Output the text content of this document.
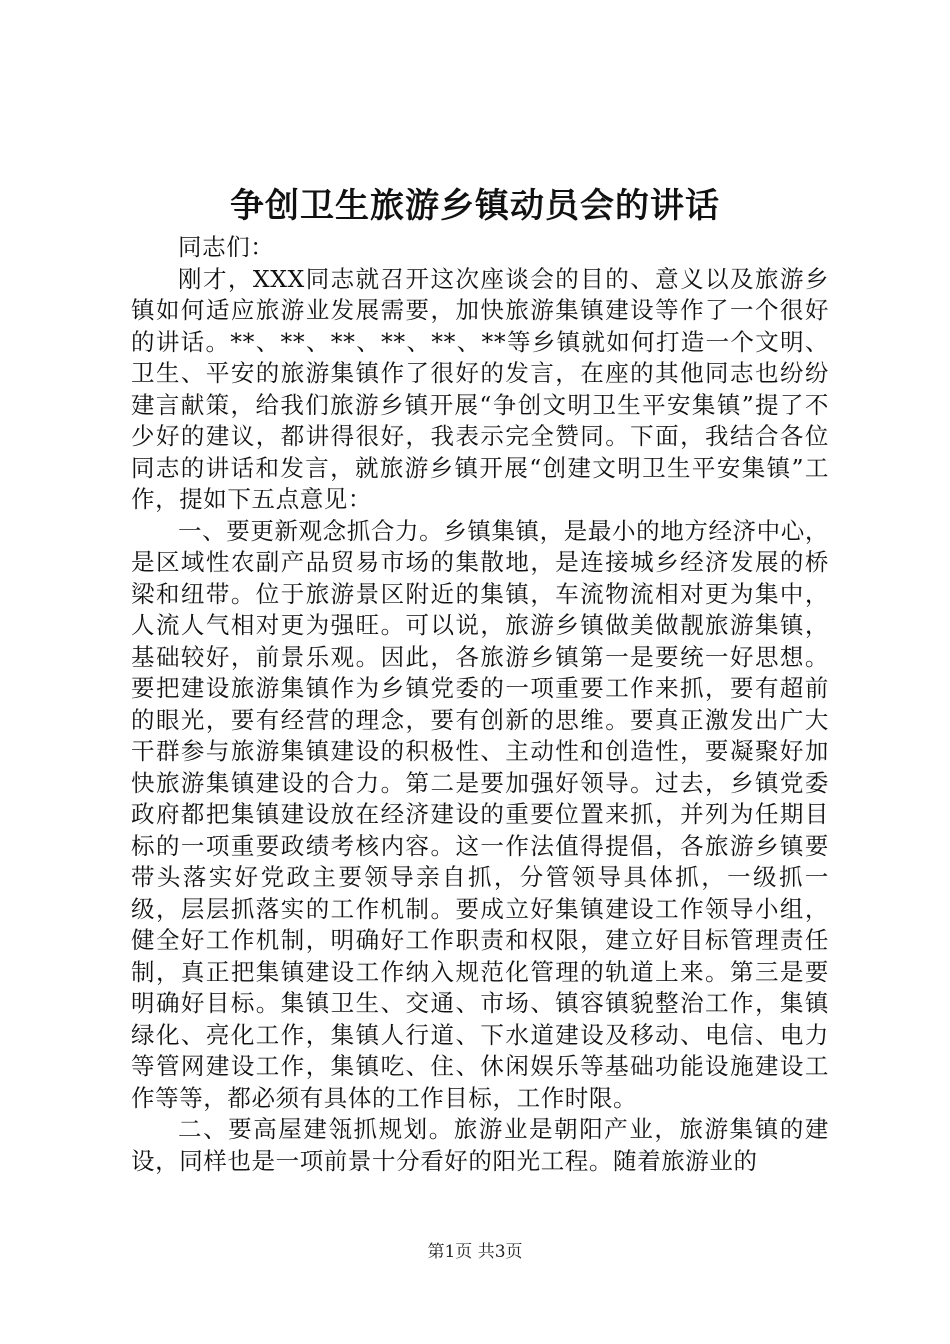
争创卫生旅游乡镇动员会的讲话

同志们：

刚才，XXX同志就召开这次座谈会的目的、意义以及旅游乡镇如何适应旅游业发展需要，加快旅游集镇建设等作了一个很好的讲话。**、**、**、**、**、**等乡镇就如何打造一个文明、卫生、平安的旅游集镇作了很好的发言，在座的其他同志也纷纷建言献策，给我们旅游乡镇开展“争创文明卫生平安集镇”提了不少好的建议，都讲得很好，我表示完全赞同。下面，我结合各位同志的讲话和发言，就旅游乡镇开展“创建文明卫生平安集镇”工作，提如下五点意见：

一、要更新观念抓合力。乡镇集镇，是最小的地方经济中心，是区域性农副产品贸易市场的集散地，是连接城乡经济发展的桥梁和纽带。位于旅游景区附近的集镇，车流物流相对更为集中，人流人气相对更为强旺。可以说，旅游乡镇做美做靓旅游集镇，基础较好，前景乐观。因此，各旅游乡镇第一是要统一好思想。要把建设旅游集镇作为乡镇党委的一项重要工作来抓，要有超前的眼光，要有经营的理念，要有创新的思维。要真正激发出广大干群参与旅游集镇建设的积极性、主动性和创造性，要凝聚好加快旅游集镇建设的合力。第二是要加强好领导。过去，乡镇党委政府都把集镇建设放在经济建设的重要位置来抓，并列为任期目标的一项重要政绩考核内容。这一作法值得提倡，各旅游乡镇要带头落实好党政主要领导亲自抓，分管领导具体抓，一级抓一级，层层抓落实的工作机制。要成立好集镇建设工作领导小组，健全好工作机制，明确好工作职责和权限，建立好目标管理责任制，真正把集镇建设工作纳入规范化管理的轨道上来。第三是要明确好目标。集镇卫生、交通、市场、镇容镇貌整治工作，集镇绿化、亮化工作，集镇人行道、下水道建设及移动、电信、电力等管网建设工作，集镇吃、住、休闲娱乐等基础功能设施建设工作等等，都必须有具体的工作目标，工作时限。

二、要高屋建瓴抓规划。旅游业是朝阳产业，旅游集镇的建设，同样也是一项前景十分看好的阳光工程。随着旅游业的

第1页 共3页
